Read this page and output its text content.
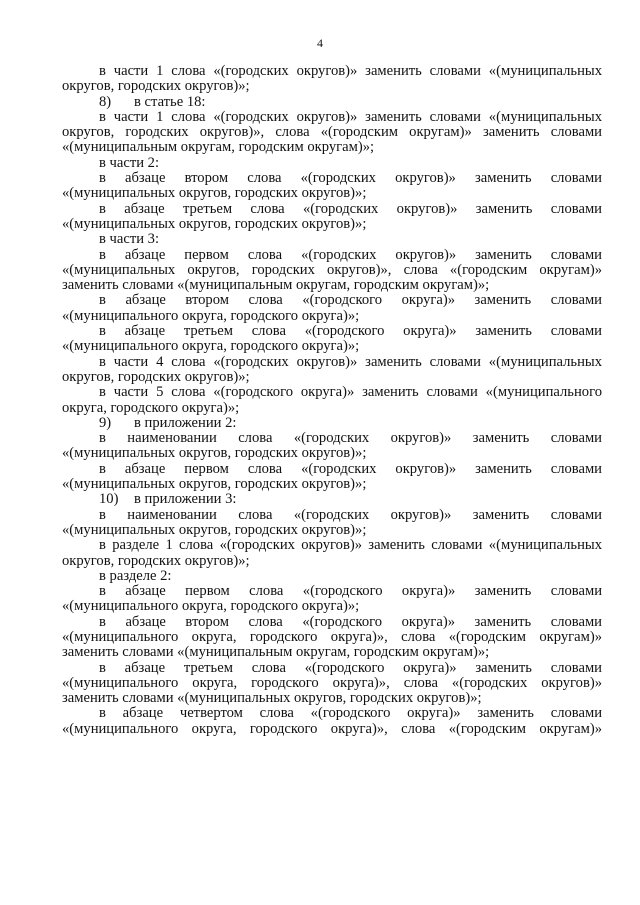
4

в части 1 слова «(городских округов)» заменить словами «(муниципальных

округов, городских округов)»;

8) в статье 18:

в части 1 слова «(городских округов)» заменить словами «(муниципальных

округов, городских округов)», слова «(городским округам)» заменить словами

«(муниципальным округам, городским округам)»;

в части 2:

в абзаце втором слова «(городских округов)» заменить словами

«(муниципальных округов, городских округов)»;

в абзаце третьем слова «(городских округов)» заменить словами

«(муниципальных округов, городских округов)»;

в части 3:

в абзаце первом слова «(городских округов)» заменить словами

«(муниципальных округов, городских округов)», слова «(городским округам)»

заменить словами «(муниципальным округам, городским округам)»;

в абзаце втором слова «(городского округа)» заменить словами

«(муниципального округа, городского округа)»;

в абзаце третьем слова «(городского округа)» заменить словами

«(муниципального округа, городского округа)»;

в части 4 слова «(городских округов)» заменить словами «(муниципальных

округов, городских округов)»;

в части 5 слова «(городского округа)» заменить словами «(муниципального

округа, городского округа)»;

9) в приложении 2:

в наименовании слова «(городских округов)» заменить словами

«(муниципальных округов, городских округов)»;

в абзаце первом слова «(городских округов)» заменить словами

«(муниципальных округов, городских округов)»;

10) в приложении 3:

в наименовании слова «(городских округов)» заменить словами

«(муниципальных округов, городских округов)»;

в разделе 1 слова «(городских округов)» заменить словами «(муниципальных

округов, городских округов)»;

в разделе 2:

в абзаце первом слова «(городского округа)» заменить словами

«(муниципального округа, городского округа)»;

в абзаце втором слова «(городского округа)» заменить словами

«(муниципального округа, городского округа)», слова «(городским округам)»

заменить словами «(муниципальным округам, городским округам)»;

в абзаце третьем слова «(городского округа)» заменить словами

«(муниципального округа, городского округа)», слова «(городских округов)»

заменить словами «(муниципальных округов, городских округов)»;

в абзаце четвертом слова «(городского округа)» заменить словами

«(муниципального округа, городского округа)», слова «(городским округам)»
